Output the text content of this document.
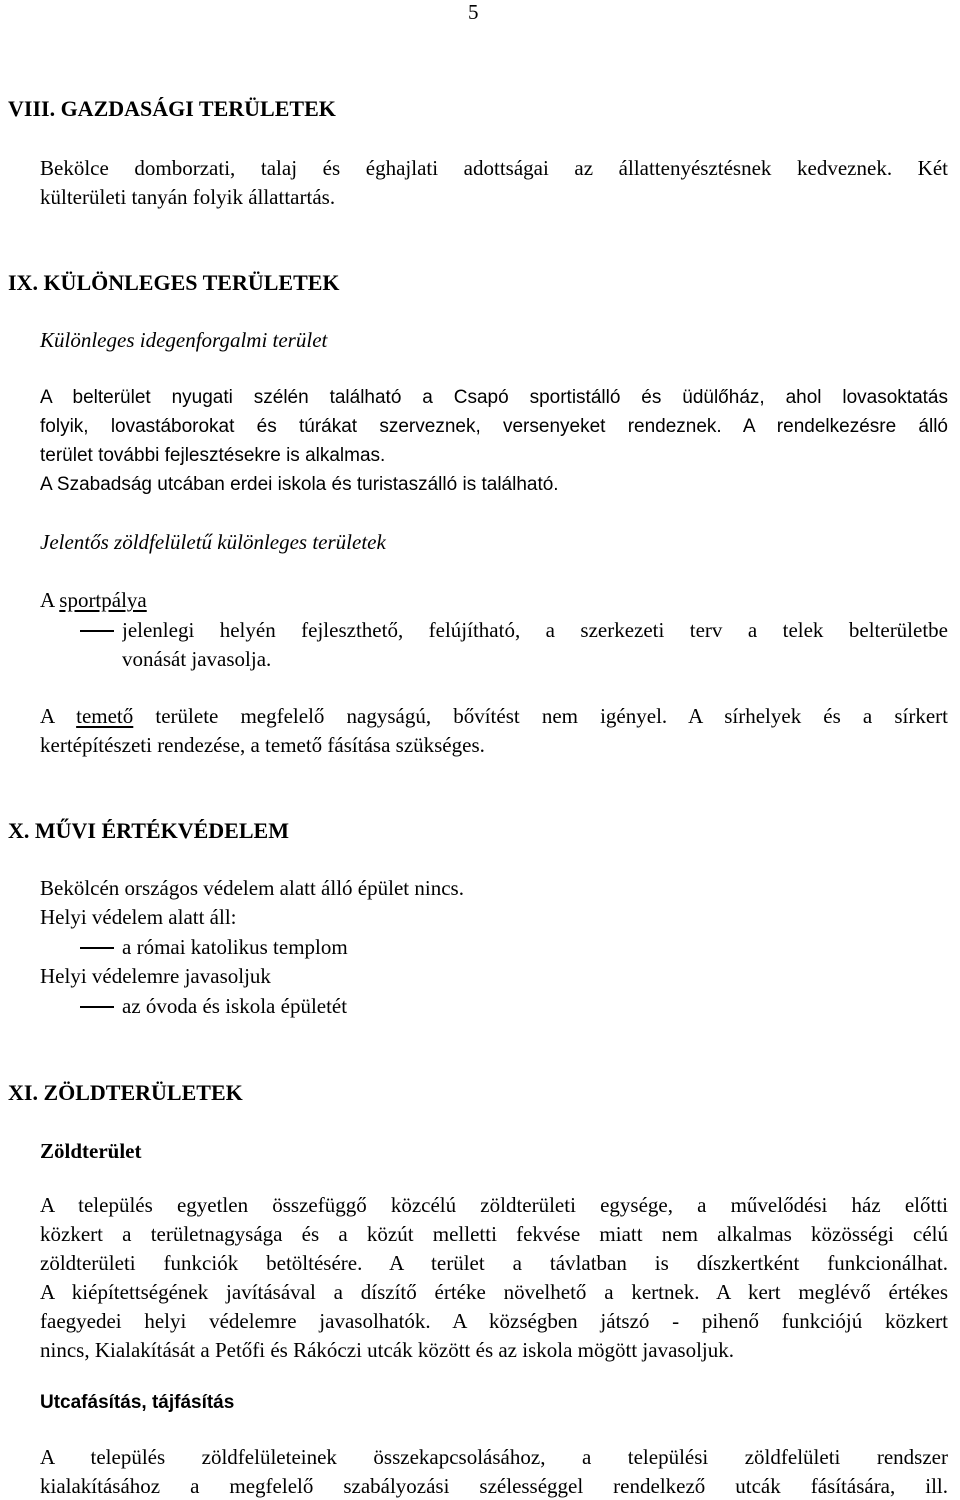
5
VIII. GAZDASÁGI TERÜLETEK
Bekölce domborzati, talaj és éghajlati adottságai az állattenyésztésnek kedveznek. Két
külterületi tanyán folyik állattartás.
IX. KÜLÖNLEGES TERÜLETEK
Különleges idegenforgalmi terület
A belterület nyugati szélén található a Csapó sportistálló és üdülőház, ahol lovasoktatás
folyik, lovastáborokat és túrákat szerveznek, versenyeket rendeznek. A rendelkezésre álló
terület további fejlesztésekre is alkalmas.
A Szabadság utcában erdei iskola és turistaszálló is található.
Jelentős zöldfelületű különleges területek
A sportpálya
jelenlegi helyén fejleszthető, felújítható, a szerkezeti terv a telek belterületbe
vonását javasolja.
A temető területe megfelelő nagyságú, bővítést nem igényel. A sírhelyek és a sírkert
kertépítészeti rendezése, a temető fásítása szükséges.
X. MŰVI ÉRTÉKVÉDELEM
Bekölcén országos védelem alatt álló épület nincs.
Helyi védelem alatt áll:
a római katolikus templom
Helyi védelemre javasoljuk
az óvoda és iskola épületét
XI. ZÖLDTERÜLETEK
Zöldterület
A település egyetlen összefüggő közcélú zöldterületi egysége, a művelődési ház előtti
közkert a területnagysága és a közút melletti fekvése miatt nem alkalmas közösségi célú
zöldterületi funkciók betöltésére. A terület a távlatban is díszkertként funkcionálhat.
A kiépítettségének javításával a díszítő értéke növelhető a kertnek. A kert meglévő értékes
faegyedei helyi védelemre javasolhatók. A községben játszó - pihenő funkciójú közkert
nincs, Kialakítását a Petőfi és Rákóczi utcák között és az iskola mögött javasoljuk.
Utcafásítás, tájfásítás
A település zöldfelületeinek összekapcsolásához, a települési zöldfelületi rendszer
kialakításához a megfelelő szabályozási szélességgel rendelkező utcák fásítására, ill.
